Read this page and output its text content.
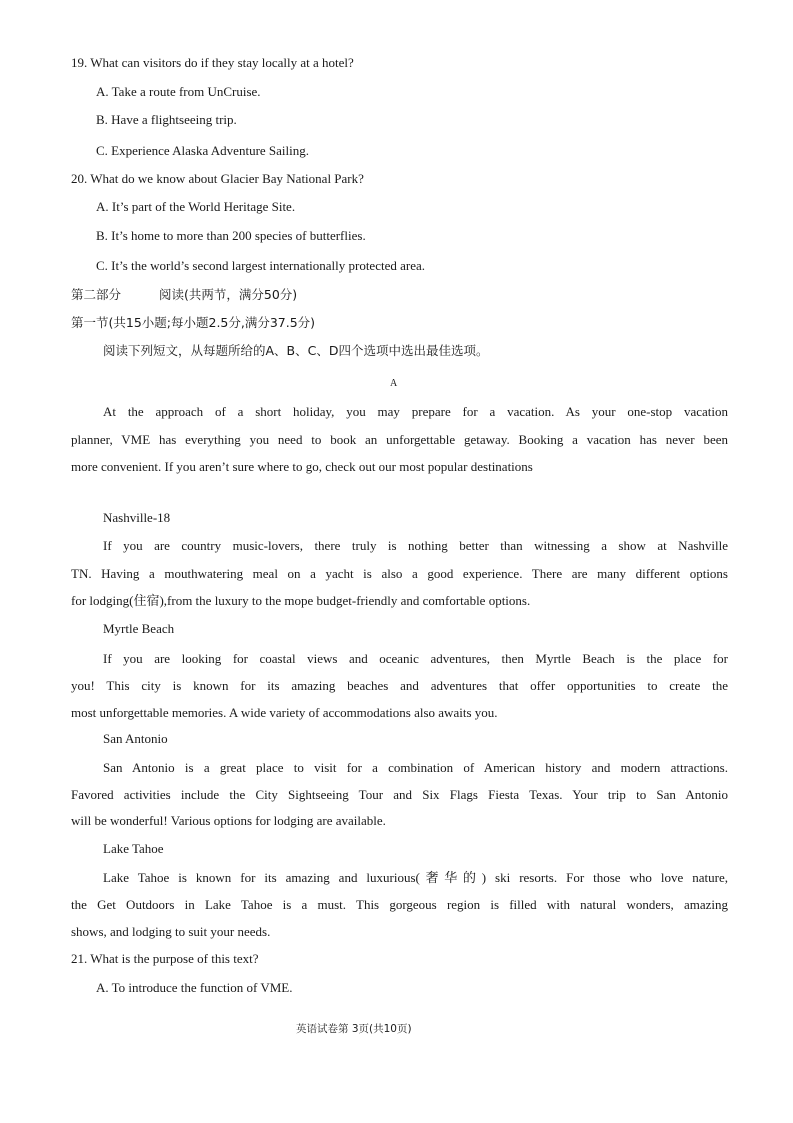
19. What can visitors do if they stay locally at a hotel?
A. Take a route from UnCruise.
B. Have a flightseeing trip.
C. Experience Alaska Adventure Sailing.
20. What do we know about Glacier Bay National Park?
A. It’s part of the World Heritage Site.
B. It’s home to more than 200 species of butterflies.
C. It’s the world’s second largest internationally protected area.
第二部分	阅读(共两节，满分50分)
第一节(共15小题;每小题2.5分,满分37.5分)
阅读下列短文，从每题所给的A、B、C、D四个选项中选出最佳选项。
A
At the approach of a short holiday, you may prepare for a vacation. As your one-stop vacation
planner, VME has everything you need to book an unforgettable getaway. Booking a vacation has never been
more convenient. If you aren’t sure where to go, check out our most popular destinations
Nashville-18
If you are country music-lovers, there truly is nothing better than witnessing a show at Nashville
TN. Having a mouthwatering meal on a yacht is also a good experience. There are many different options
for lodging(住宿),from the luxury to the mope budget-friendly and comfortable options.
Myrtle Beach
If you are looking for coastal views and oceanic adventures, then Myrtle Beach is the place for
you! This city is known for its amazing beaches and adventures that offer opportunities to create the
most unforgettable memories. A wide variety of accommodations also awaits you.
San Antonio
San Antonio is a great place to visit for a combination of American history and modern attractions.
Favored activities include the City Sightseeing Tour and Six Flags Fiesta Texas. Your trip to San Antonio
will be wonderful! Various options for lodging are available.
Lake Tahoe
Lake Tahoe is known for its amazing and luxurious(奢华的) ski resorts. For those who love nature,
the Get Outdoors in Lake Tahoe is a must. This gorgeous region is filled with natural wonders, amazing
shows, and lodging to suit your needs.
21. What is the purpose of this text?
A. To introduce the function of VME.
英语试卷第 3页(共10页)
